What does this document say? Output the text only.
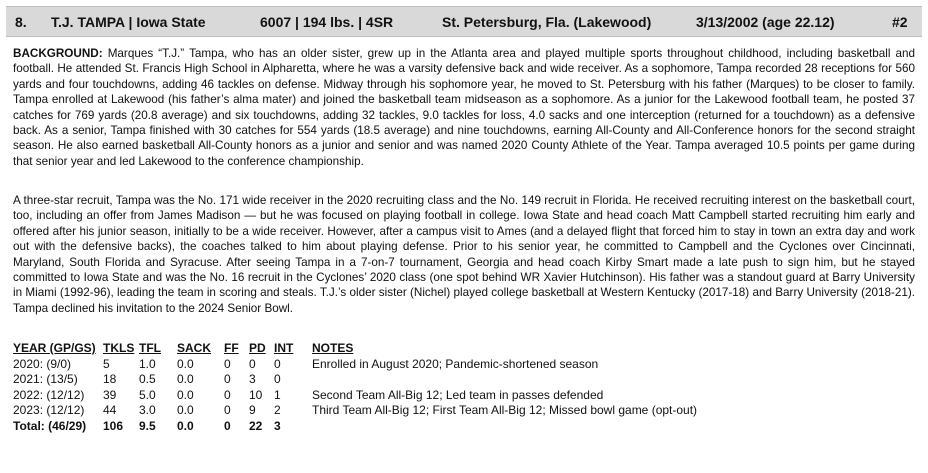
8. T.J. TAMPA | Iowa State	6007 | 194 lbs. | 4SR	St. Petersburg, Fla. (Lakewood)	3/13/2002 (age 22.12)	#2

BACKGROUND: Marques “T.J.” Tampa, who has an older sister, grew up in the Atlanta area and played multiple sports throughout childhood, including basketball and football. He attended St. Francis High School in Alpharetta, where he was a varsity defensive back and wide receiver. As a sophomore, Tampa recorded 28 receptions for 560 yards and four touchdowns, adding 46 tackles on defense. Midway through his sophomore year, he moved to St. Petersburg with his father (Marques) to be closer to family. Tampa enrolled at Lakewood (his father’s alma mater) and joined the basketball team midseason as a sophomore. As a junior for the Lakewood football team, he posted 37 catches for 769 yards (20.8 average) and six touchdowns, adding 32 tackles, 9.0 tackles for loss, 4.0 sacks and one interception (returned for a touchdown) as a defensive back. As a senior, Tampa finished with 30 catches for 554 yards (18.5 average) and nine touchdowns, earning All-County and All-Conference honors for the second straight season. He also earned basketball All-County honors as a junior and senior and was named 2020 County Athlete of the Year. Tampa averaged 10.5 points per game during that senior year and led Lakewood to the conference championship.

A three-star recruit, Tampa was the No. 171 wide receiver in the 2020 recruiting class and the No. 149 recruit in Florida. He received recruiting interest on the basketball court, too, including an offer from James Madison — but he was focused on playing football in college. Iowa State and head coach Matt Campbell started recruiting him early and offered after his junior season, initially to be a wide receiver. However, after a campus visit to Ames (and a delayed flight that forced him to stay in town an extra day and work out with the defensive backs), the coaches talked to him about playing defense. Prior to his senior year, he committed to Campbell and the Cyclones over Cincinnati, Maryland, South Florida and Syracuse. After seeing Tampa in a 7-on-7 tournament, Georgia and head coach Kirby Smart made a late push to sign him, but he stayed committed to Iowa State and was the No. 16 recruit in the Cyclones’ 2020 class (one spot behind WR Xavier Hutchinson). His father was a standout guard at Barry University in Miami (1992-96), leading the team in scoring and steals. T.J.’s older sister (Nichel) played college basketball at Western Kentucky (2017-18) and Barry University (2018-21). Tampa declined his invitation to the 2024 Senior Bowl.

YEAR (GP/GS)	TKLS	TFL	SACK	FF	PD	INT	NOTES
2020: (9/0)	5	1.0	0.0	0	0	0	Enrolled in August 2020; Pandemic-shortened season
2021: (13/5)	18	0.5	0.0	0	3	0	
2022: (12/12)	39	5.0	0.0	0	10	1	Second Team All-Big 12; Led team in passes defended
2023: (12/12)	44	3.0	0.0	0	9	2	Third Team All-Big 12; First Team All-Big 12; Missed bowl game (opt-out)
Total: (46/29)	106	9.5	0.0	0	22	3	
